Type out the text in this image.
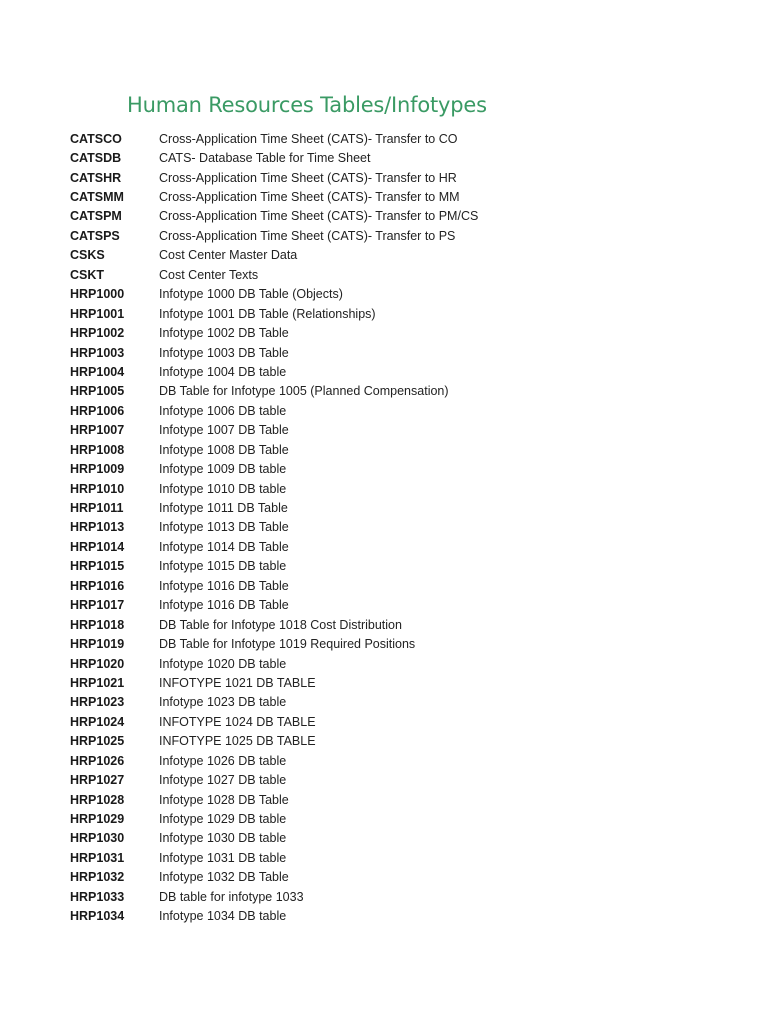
Human Resources Tables/Infotypes
CATSCO	Cross-Application Time Sheet (CATS)- Transfer to CO
CATSDB	CATS- Database Table for Time Sheet
CATSHR	Cross-Application Time Sheet (CATS)- Transfer to HR
CATSMM	Cross-Application Time Sheet (CATS)- Transfer to MM
CATSPM	Cross-Application Time Sheet (CATS)- Transfer to PM/CS
CATSPS	Cross-Application Time Sheet (CATS)- Transfer to PS
CSKS	Cost Center Master Data
CSKT	Cost Center Texts
HRP1000	Infotype 1000 DB Table (Objects)
HRP1001	Infotype 1001 DB Table (Relationships)
HRP1002	Infotype 1002 DB Table
HRP1003	Infotype 1003 DB Table
HRP1004	Infotype 1004 DB table
HRP1005	DB Table for Infotype 1005 (Planned Compensation)
HRP1006	Infotype 1006 DB table
HRP1007	Infotype 1007 DB Table
HRP1008	Infotype 1008 DB Table
HRP1009	Infotype 1009 DB table
HRP1010	Infotype 1010 DB table
HRP1011	Infotype 1011 DB Table
HRP1013	Infotype 1013 DB Table
HRP1014	Infotype 1014 DB Table
HRP1015	Infotype 1015 DB table
HRP1016	Infotype 1016 DB Table
HRP1017	Infotype 1016 DB Table
HRP1018	DB Table for Infotype 1018 Cost Distribution
HRP1019	DB Table for Infotype 1019 Required Positions
HRP1020	Infotype 1020 DB table
HRP1021	INFOTYPE 1021 DB TABLE
HRP1023	Infotype 1023 DB table
HRP1024	INFOTYPE 1024 DB TABLE
HRP1025	INFOTYPE 1025 DB TABLE
HRP1026	Infotype 1026 DB table
HRP1027	Infotype 1027 DB table
HRP1028	Infotype 1028 DB Table
HRP1029	Infotype 1029 DB table
HRP1030	Infotype 1030 DB table
HRP1031	Infotype 1031 DB table
HRP1032	Infotype 1032 DB Table
HRP1033	DB table for infotype 1033
HRP1034	Infotype 1034 DB table
